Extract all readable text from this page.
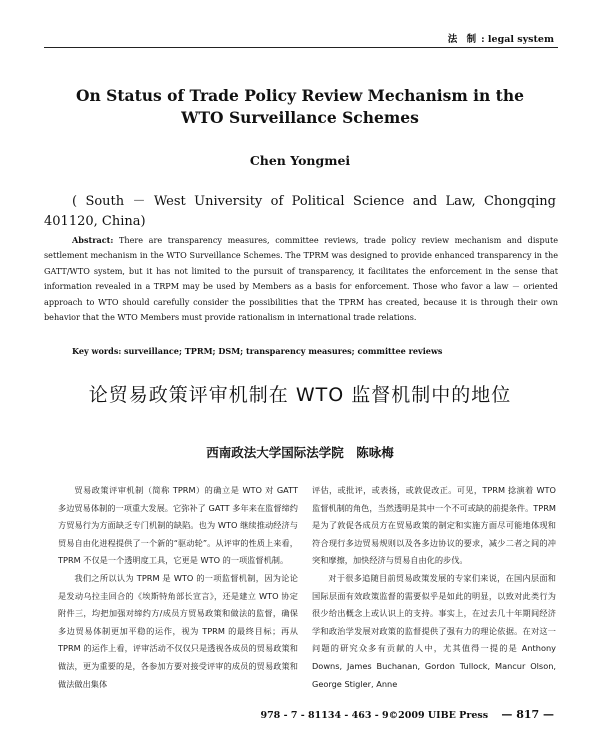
法 制 : legal system
On Status of Trade Policy Review Mechanism in the
WTO Surveillance Schemes
Chen Yongmei
( South － West University of Political Science and Law, Chongqing
401120, China)
Abstract: There are transparency measures, committee reviews, trade policy review mechanism and dispute settlement mechanism in the WTO Surveillance Schemes. The TPRM was designed to provide enhanced transparency in the GATT/WTO system, but it has not limited to the pursuit of transparency, it facilitates the enforcement in the sense that information revealed in a TRPM may be used by Members as a basis for enforcement. Those who favor a law － oriented approach to WTO should carefully consider the possibilities that the TPRM has created, because it is through their own behavior that the WTO Members must provide rationalism in international trade relations.
Key words: surveillance; TPRM; DSM; transparency measures; committee reviews
论贸易政策评审机制在 WTO 监督机制中的地位
西南政法大学国际法学院　陈咏梅

贸易政策评审机制（简称 TPRM）的确立是 WTO 对 GATT 多边贸易体制的一项重大发展。它弥补了 GATT 多年来在监督缔约方贸易行为方面缺乏专门机制的缺陷。也为 WTO 继续推动经济与贸易自由化进程提供了一个新的“驱动轮”。从评审的性质上来看，TPRM 不仅是一个透明度工具，它更是 WTO 的一项监督机制。

我们之所以认为 TPRM 是 WTO 的一项监督机制，因为论论是发动乌拉圭回合的《埃斯特角部长宣言》，还是建立 WTO 协定附件三，均把加强对缔约方/成员方贸易政策和做法的监督，确保多边贸易体制更加平稳的运作，视为 TPRM 的最终目标；再从 TPRM 的运作上看，评审活动不仅仅只是透视各成员的贸易政策和做法，更为重要的是，各参加方要对接受评审的成员的贸易政策和做法做出集体

评估，或批评，或表扬，或敦促改正。可见，TPRM 捻演着 WTO 监督机制的角色，当然透明是其中一个不可或缺的前提条件。TPRM 是为了敦促各成员方在贸易政策的制定和实施方面尽可能地体现和符合现行多边贸易规则以及各多边协议的要求，减少二者之间的冲突和摩擦，加快经济与贸易自由化的步伐。

对于很多追随目前贸易政策发展的专家们来说，在国内层面和国际层面有效政策监督的需要似乎是如此的明显，以致对此类行为很少给出概念上或认识上的支持。事实上，在过去几十年期间经济学和政治学发展对政策的监督提供了强有力的理论依据。在对这一问题的研究众多有贡献的人中，尤其值得一提的是 Anthony Downs, James Buchanan, Gordon Tullock, Mancur Olson, George Stigler, Anne

978 - 7 - 81134 - 463 - 9©2009 UIBE Press — 817 —
